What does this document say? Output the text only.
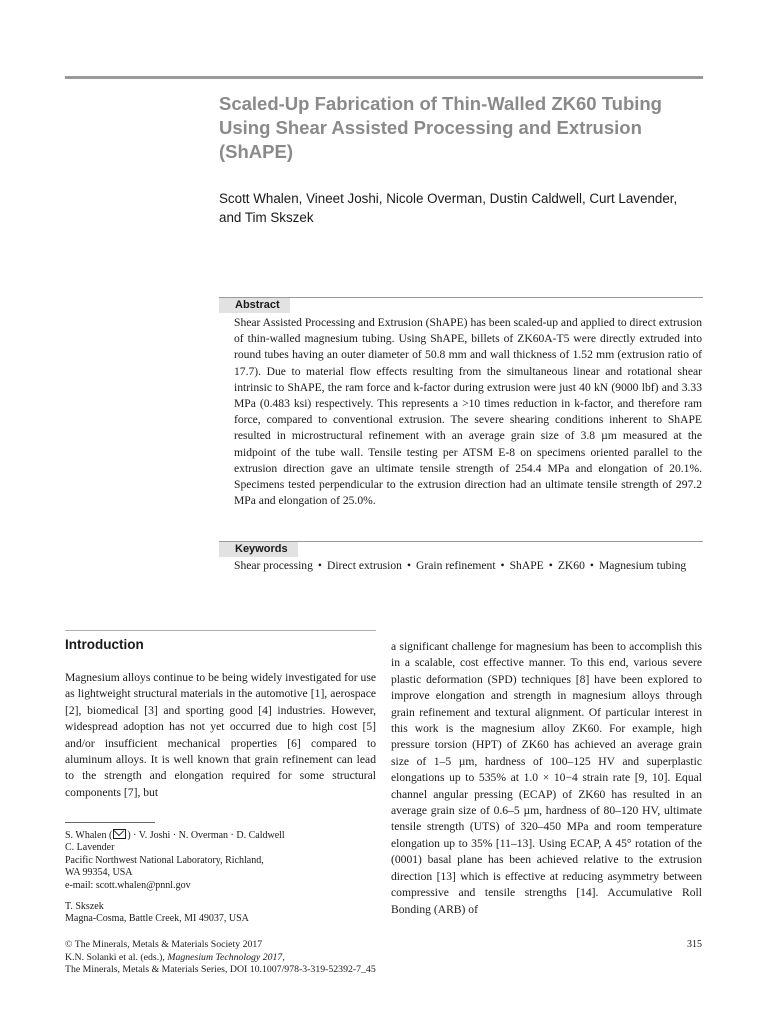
Scaled-Up Fabrication of Thin-Walled ZK60 Tubing Using Shear Assisted Processing and Extrusion (ShAPE)
Scott Whalen, Vineet Joshi, Nicole Overman, Dustin Caldwell, Curt Lavender, and Tim Skszek
Abstract
Shear Assisted Processing and Extrusion (ShAPE) has been scaled-up and applied to direct extrusion of thin-walled magnesium tubing. Using ShAPE, billets of ZK60A-T5 were directly extruded into round tubes having an outer diameter of 50.8 mm and wall thickness of 1.52 mm (extrusion ratio of 17.7). Due to material flow effects resulting from the simultaneous linear and rotational shear intrinsic to ShAPE, the ram force and k-factor during extrusion were just 40 kN (9000 lbf) and 3.33 MPa (0.483 ksi) respectively. This represents a >10 times reduction in k-factor, and therefore ram force, compared to conventional extrusion. The severe shearing conditions inherent to ShAPE resulted in microstructural refinement with an average grain size of 3.8 µm measured at the midpoint of the tube wall. Tensile testing per ATSM E-8 on specimens oriented parallel to the extrusion direction gave an ultimate tensile strength of 254.4 MPa and elongation of 20.1%. Specimens tested perpendicular to the extrusion direction had an ultimate tensile strength of 297.2 MPa and elongation of 25.0%.
Keywords
Shear processing • Direct extrusion • Grain refinement • ShAPE • ZK60 • Magnesium tubing
Introduction
Magnesium alloys continue to be being widely investigated for use as lightweight structural materials in the automotive [1], aerospace [2], biomedical [3] and sporting good [4] industries. However, widespread adoption has not yet occurred due to high cost [5] and/or insufficient mechanical properties [6] compared to aluminum alloys. It is well known that grain refinement can lead to the strength and elongation required for some structural components [7], but
a significant challenge for magnesium has been to accomplish this in a scalable, cost effective manner. To this end, various severe plastic deformation (SPD) techniques [8] have been explored to improve elongation and strength in magnesium alloys through grain refinement and textural alignment. Of particular interest in this work is the magnesium alloy ZK60. For example, high pressure torsion (HPT) of ZK60 has achieved an average grain size of 1–5 µm, hardness of 100–125 HV and superplastic elongations up to 535% at 1.0 × 10−4 strain rate [9, 10]. Equal channel angular pressing (ECAP) of ZK60 has resulted in an average grain size of 0.6–5 µm, hardness of 80–120 HV, ultimate tensile strength (UTS) of 320–450 MPa and room temperature elongation up to 35% [11–13]. Using ECAP, A 45° rotation of the (0001) basal plane has been achieved relative to the extrusion direction [13] which is effective at reducing asymmetry between compressive and tensile strengths [14]. Accumulative Roll Bonding (ARB) of
S. Whalen ( ) · V. Joshi · N. Overman · D. Caldwell
C. Lavender
Pacific Northwest National Laboratory, Richland,
WA 99354, USA
e-mail: scott.whalen@pnnl.gov
T. Skszek
Magna-Cosma, Battle Creek, MI 49037, USA
© The Minerals, Metals & Materials Society 2017
K.N. Solanki et al. (eds.), Magnesium Technology 2017,
The Minerals, Metals & Materials Series, DOI 10.1007/978-3-319-52392-7_45
315
